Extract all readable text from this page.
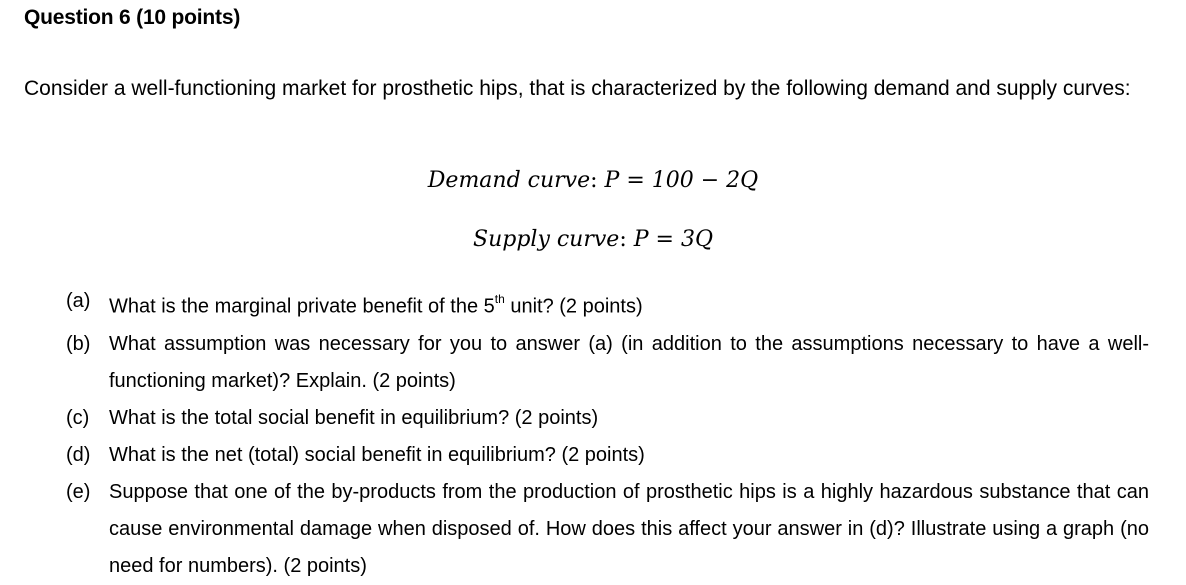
Question 6 (10 points)
Consider a well-functioning market for prosthetic hips, that is characterized by the following demand and supply curves:
Demand curve: P = 100 − 2Q
Supply curve: P = 3Q
(a) What is the marginal private benefit of the 5th unit? (2 points)
(b) What assumption was necessary for you to answer (a) (in addition to the assumptions necessary to have a well-functioning market)? Explain. (2 points)
(c) What is the total social benefit in equilibrium? (2 points)
(d) What is the net (total) social benefit in equilibrium? (2 points)
(e) Suppose that one of the by-products from the production of prosthetic hips is a highly hazardous substance that can cause environmental damage when disposed of. How does this affect your answer in (d)? Illustrate using a graph (no need for numbers). (2 points)
